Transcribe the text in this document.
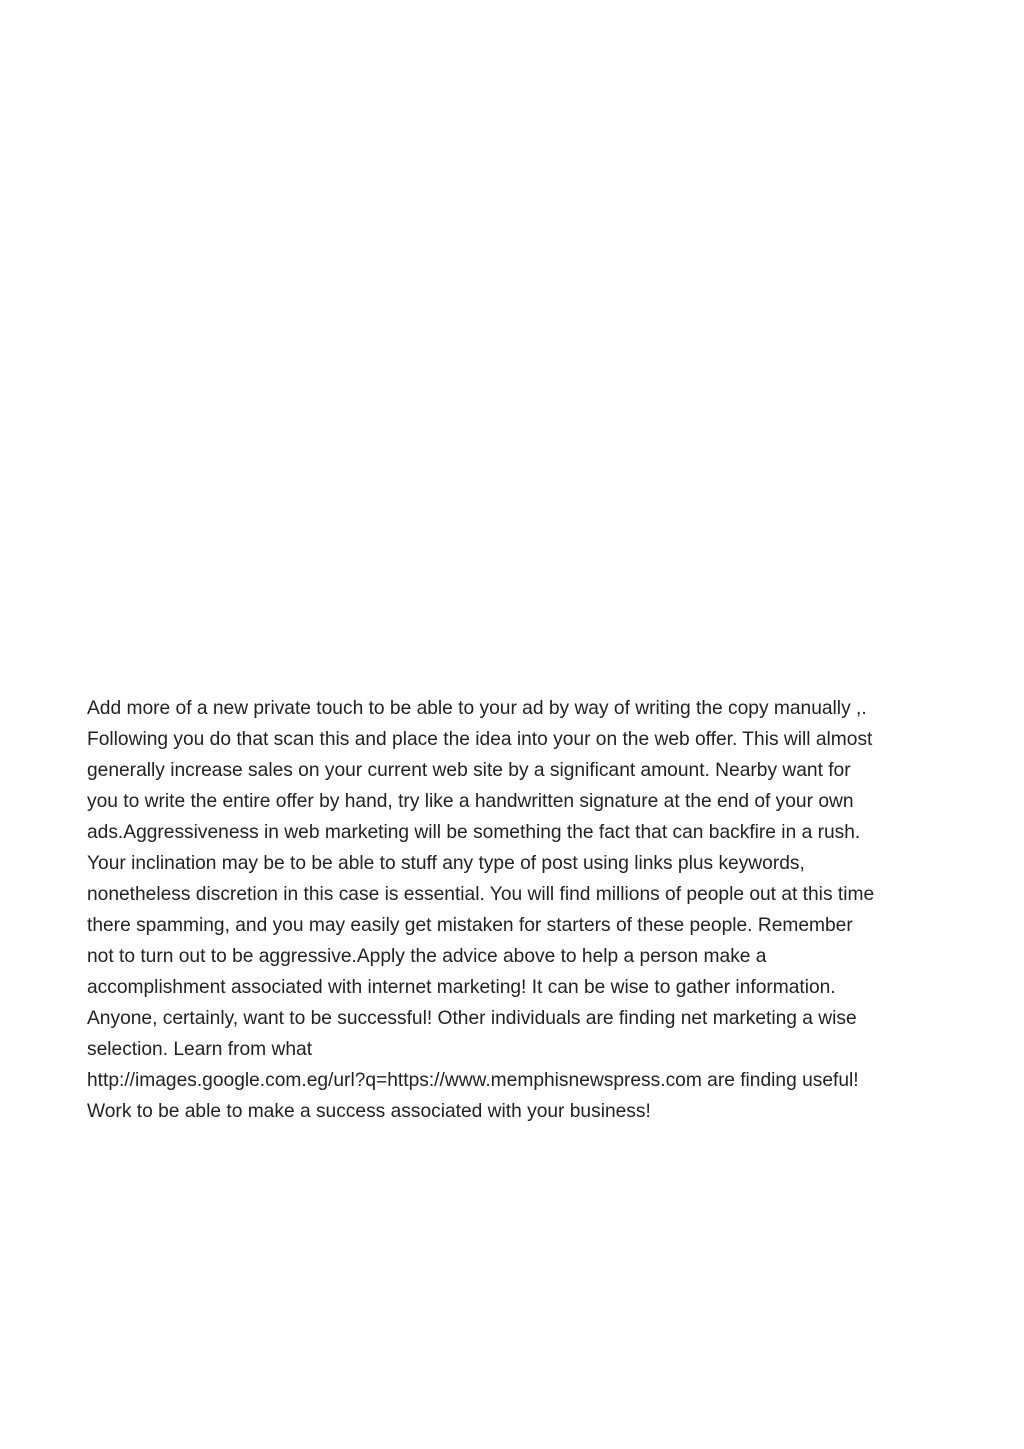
Add more of a new private touch to be able to your ad by way of writing the copy manually ,.
Following you do that scan this and place the idea into your on the web offer. This will almost
generally increase sales on your current web site by a significant amount. Nearby want for
you to write the entire offer by hand, try like a handwritten signature at the end of your own
ads.Aggressiveness in web marketing will be something the fact that can backfire in a rush.
Your inclination may be to be able to stuff any type of post using links plus keywords,
nonetheless discretion in this case is essential. You will find millions of people out at this time
there spamming, and you may easily get mistaken for starters of these people. Remember
not to turn out to be aggressive.Apply the advice above to help a person make a
accomplishment associated with internet marketing! It can be wise to gather information.
Anyone, certainly, want to be successful! Other individuals are finding net marketing a wise
selection. Learn from what
http://images.google.com.eg/url?q=https://www.memphisnewspress.com are finding useful!
Work to be able to make a success associated with your business!
